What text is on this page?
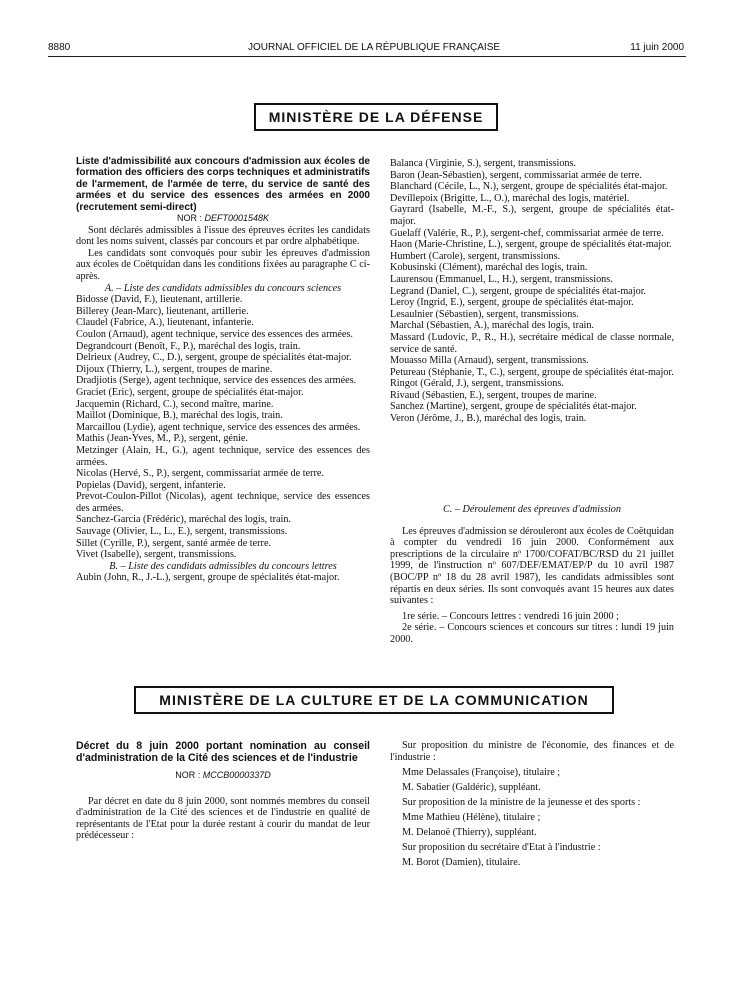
8880	JOURNAL OFFICIEL DE LA RÉPUBLIQUE FRANÇAISE	11 juin 2000
MINISTÈRE DE LA DÉFENSE

Liste d'admissibilité aux concours d'admission aux écoles de formation des officiers des corps techniques et administratifs de l'armement, de l'armée de terre, du service de santé des armées et du service des essences des armées en 2000 (recrutement semi-direct)

NOR : DEFT0001548K

Sont déclarés admissibles à l'issue des épreuves écrites les candidats dont les noms suivent, classés par concours et par ordre alphabétique.

Les candidats sont convoqués pour subir les épreuves d'admission aux écoles de Coëtquidan dans les conditions fixées au paragraphe C ci-après.

A. – Liste des candidats admissibles du concours sciences

Bidosse (David, F.), lieutenant, artillerie.

Billerey (Jean-Marc), lieutenant, artillerie.

Claudel (Fabrice, A.), lieutenant, infanterie.

Coulon (Arnaud), agent technique, service des essences des armées.

Degrandcourt (Benoît, F., P.), maréchal des logis, train.

Delrieux (Audrey, C., D.), sergent, groupe de spécialités état-major.

Dijoux (Thierry, L.), sergent, troupes de marine.

Dradjiotis (Serge), agent technique, service des essences des armées.

Graciet (Eric), sergent, groupe de spécialités état-major.

Jacquemin (Richard, C.), second maître, marine.

Maillot (Dominique, B.), maréchal des logis, train.

Marcaillou (Lydie), agent technique, service des essences des armées.

Mathis (Jean-Yves, M., P.), sergent, génie.

Metzinger (Alain, H., G.), agent technique, service des essences des armées.

Nicolas (Hervé, S., P.), sergent, commissariat armée de terre.

Popielas (David), sergent, infanterie.

Prevot-Coulon-Pillot (Nicolas), agent technique, service des essences des armées.

Sanchez-Garcia (Frédéric), maréchal des logis, train.

Sauvage (Olivier, L., L., E.), sergent, transmissions.

Sillet (Cyrille, P.), sergent, santé armée de terre.

Vivet (Isabelle), sergent, transmissions.

B. – Liste des candidats admissibles du concours lettres

Aubin (John, R., J.-L.), sergent, groupe de spécialités état-major.

Balanca (Virginie, S.), sergent, transmissions.

Baron (Jean-Sébastien), sergent, commissariat armée de terre.

Blanchard (Cécile, L., N.), sergent, groupe de spécialités état-major.

Devillepoix (Brigitte, L., O.), maréchal des logis, matériel.

Gayrard (Isabelle, M.-F., S.), sergent, groupe de spécialités état-major.

Guelaff (Valérie, R., P.), sergent-chef, commissariat armée de terre.

Haon (Marie-Christine, L.), sergent, groupe de spécialités état-major.

Humbert (Carole), sergent, transmissions.

Kobusinski (Clément), maréchal des logis, train.

Laurensou (Emmanuel, L., H.), sergent, transmissions.

Legrand (Daniel, C.), sergent, groupe de spécialités état-major.

Leroy (Ingrid, E.), sergent, groupe de spécialités état-major.

Lesaulnier (Sébastien), sergent, transmissions.

Marchal (Sébastien, A.), maréchal des logis, train.

Massard (Ludovic, P., R., H.), secrétaire médical de classe normale, service de santé.

Mouasso Milla (Arnaud), sergent, transmissions.

Petureau (Stéphanie, T., C.), sergent, groupe de spécialités état-major.

Ringot (Gérald, J.), sergent, transmissions.

Rivaud (Sébastien, E.), sergent, troupes de marine.

Sanchez (Martine), sergent, groupe de spécialités état-major.

Veron (Jérôme, J., B.), maréchal des logis, train.

C. – Déroulement des épreuves d'admission

Les épreuves d'admission se dérouleront aux écoles de Coëtquidan à compter du vendredi 16 juin 2000. Conformément aux prescriptions de la circulaire nº 1700/COFAT/BC/RSD du 21 juillet 1999, de l'instruction nº 607/DEF/EMAT/EP/P du 10 avril 1987 (BOC/PP nº 18 du 28 avril 1987), les candidats admissibles sont répartis en deux séries. Ils sont convoqués avant 15 heures aux dates suivantes :

1re série. – Concours lettres : vendredi 16 juin 2000 ;

2e série. – Concours sciences et concours sur titres : lundi 19 juin 2000.

MINISTÈRE DE LA CULTURE ET DE LA COMMUNICATION

Décret du 8 juin 2000 portant nomination au conseil d'administration de la Cité des sciences et de l'industrie

NOR : MCCB0000337D

Par décret en date du 8 juin 2000, sont nommés membres du conseil d'administration de la Cité des sciences et de l'industrie en qualité de représentants de l'Etat pour la durée restant à courir du mandat de leur prédécesseur :

Sur proposition du ministre de l'économie, des finances et de l'industrie :

Mme Delassales (Françoise), titulaire ;

M. Sabatier (Galdéric), suppléant.

Sur proposition de la ministre de la jeunesse et des sports :

Mme Mathieu (Hélène), titulaire ;

M. Delanoë (Thierry), suppléant.

Sur proposition du secrétaire d'Etat à l'industrie :

M. Borot (Damien), titulaire.
